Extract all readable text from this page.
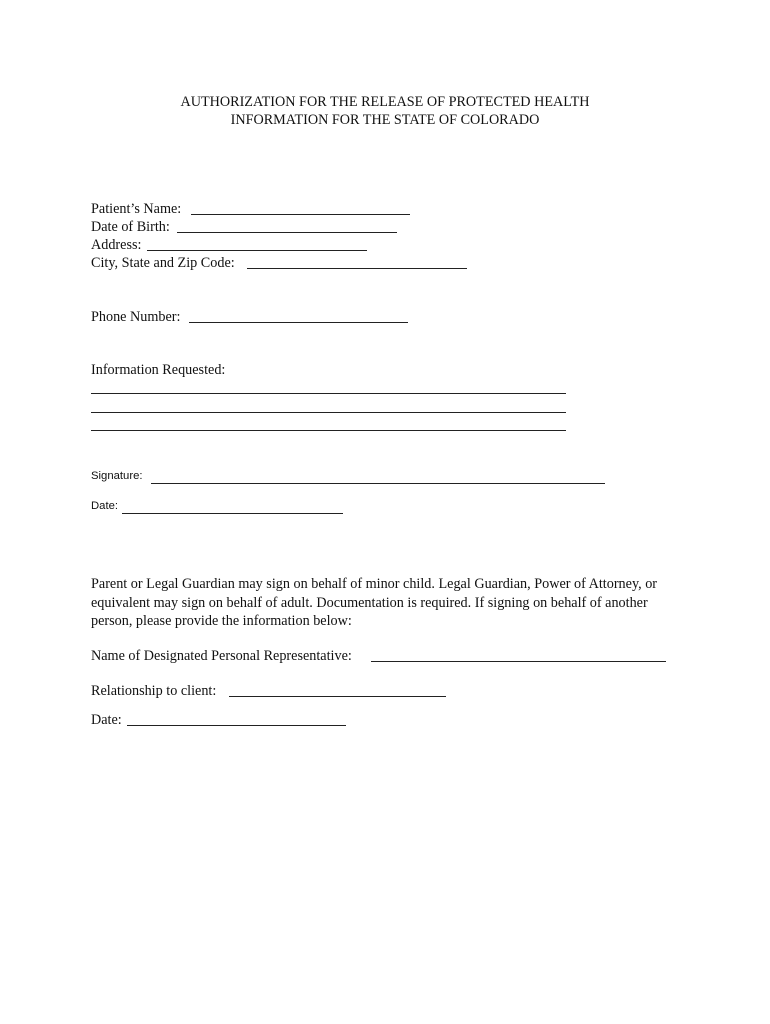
AUTHORIZATION FOR THE RELEASE OF PROTECTED HEALTH
INFORMATION FOR THE STATE OF COLORADO
Patient’s Name:
Date of Birth:
Address:
City, State and Zip Code:
Phone Number:
Information Requested:
Signature:
Date:
Parent or Legal Guardian may sign on behalf of minor child. Legal Guardian, Power of Attorney, or equivalent may sign on behalf of adult. Documentation is required. If signing on behalf of another person, please provide the information below:
Name of Designated Personal Representative:
Relationship to client:
Date:
